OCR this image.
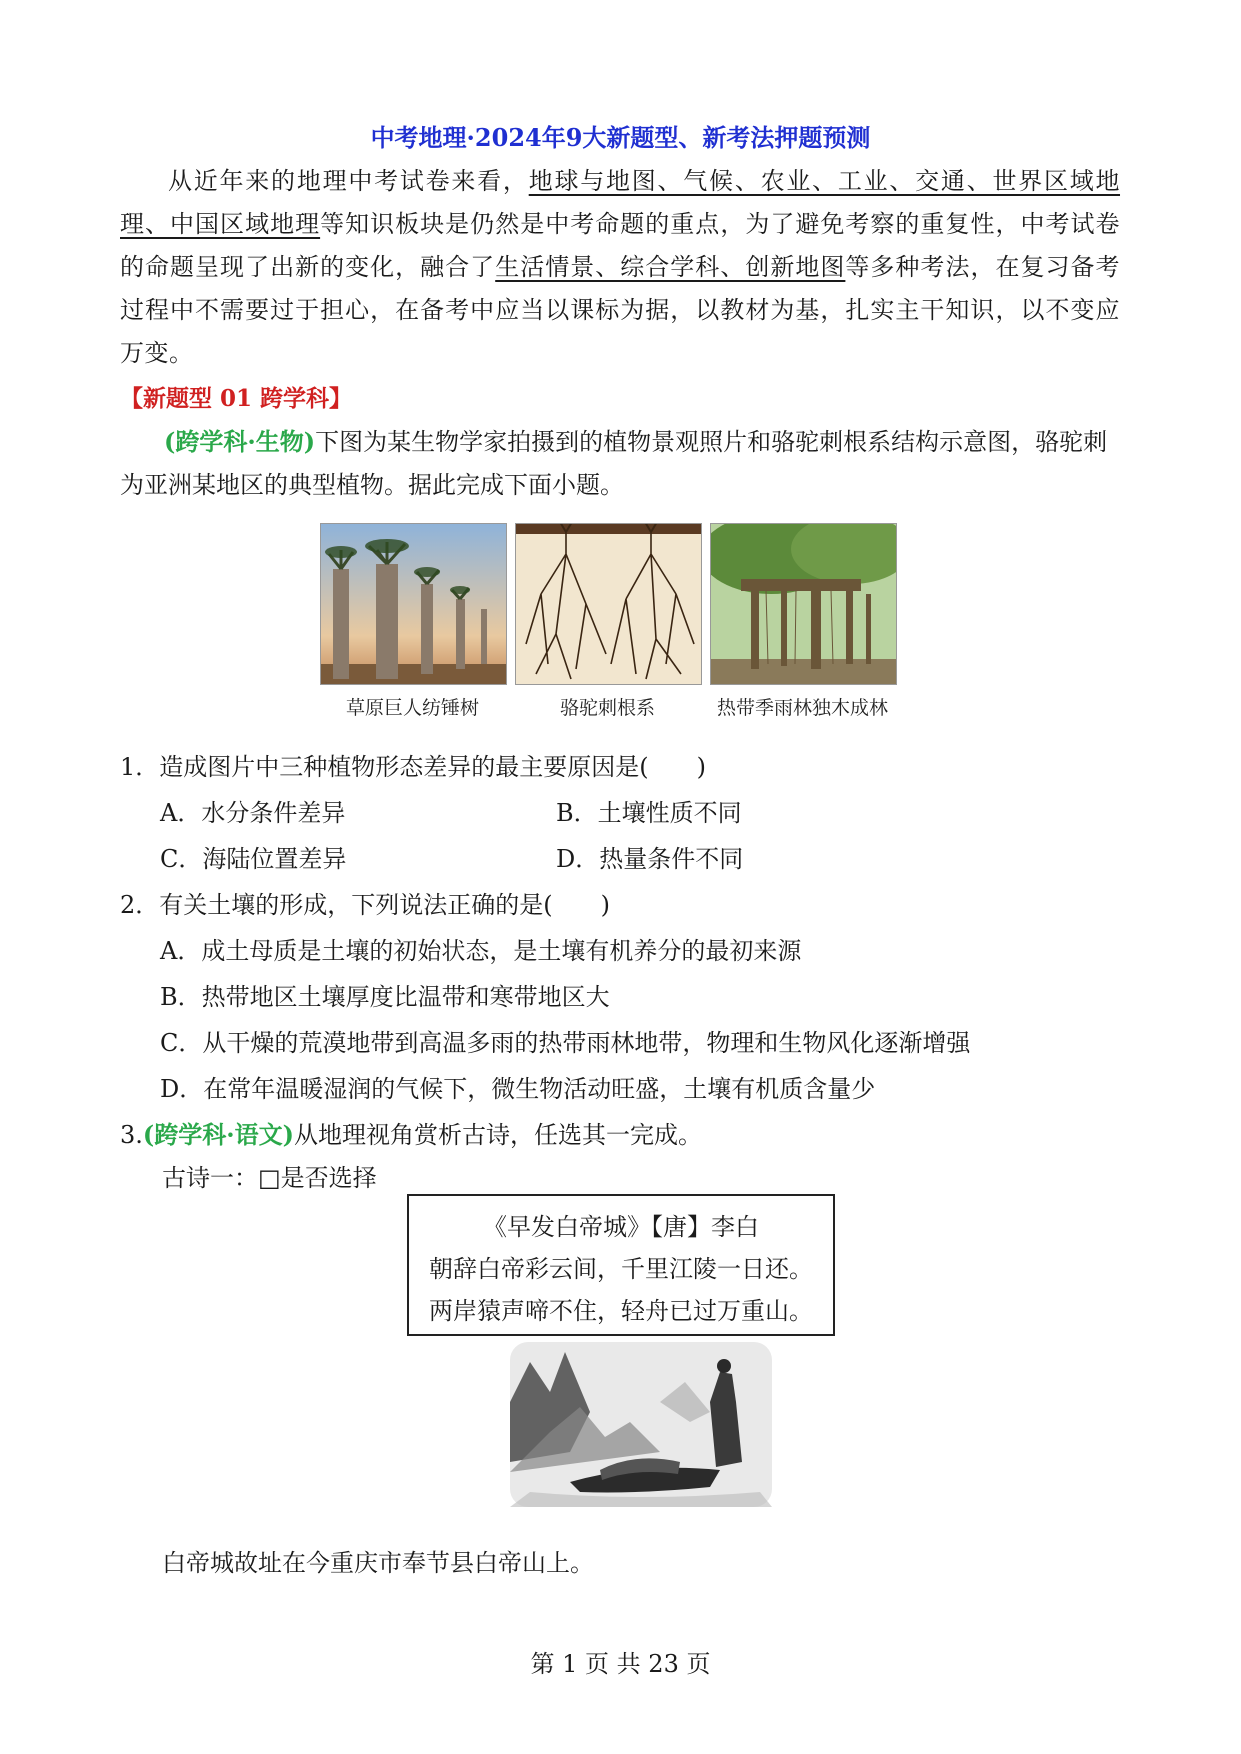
中考地理·2024年9大新题型、新考法押题预测

从近年来的地理中考试卷来看，地球与地图、气候、农业、工业、交通、世界区域地理、中国区域地理等知识板块是仍然是中考命题的重点，为了避免考察的重复性，中考试卷的命题呈现了出新的变化，融合了生活情景、综合学科、创新地图等多种考法，在复习备考过程中不需要过于担心，在备考中应当以课标为据，以教材为基，扎实主干知识，以不变应万变。

【新题型 01 跨学科】

(跨学科·生物)下图为某生物学家拍摄到的植物景观照片和骆驼刺根系结构示意图，骆驼刺为亚洲某地区的典型植物。据此完成下面小题。

草原巨人纺锤树	骆驼刺根系	热带季雨林独木成林
1．造成图片中三种植物形态差异的最主要原因是(　　)
A．水分条件差异	B．土壤性质不同
C．海陆位置差异	D．热量条件不同
2．有关土壤的形成，下列说法正确的是(　　)
A．成土母质是土壤的初始状态，是土壤有机养分的最初来源
B．热带地区土壤厚度比温带和寒带地区大
C．从干燥的荒漠地带到高温多雨的热带雨林地带，物理和生物风化逐渐增强
D．在常年温暖湿润的气候下，微生物活动旺盛，土壤有机质含量少
3.(跨学科·语文)从地理视角赏析古诗，任选其一完成。
古诗一：□是否选择
《早发白帝城》【唐】李白
朝辞白帝彩云间，千里江陵一日还。
两岸猿声啼不住，轻舟已过万重山。
白帝城故址在今重庆市奉节县白帝山上。
第 1 页 共 23 页
